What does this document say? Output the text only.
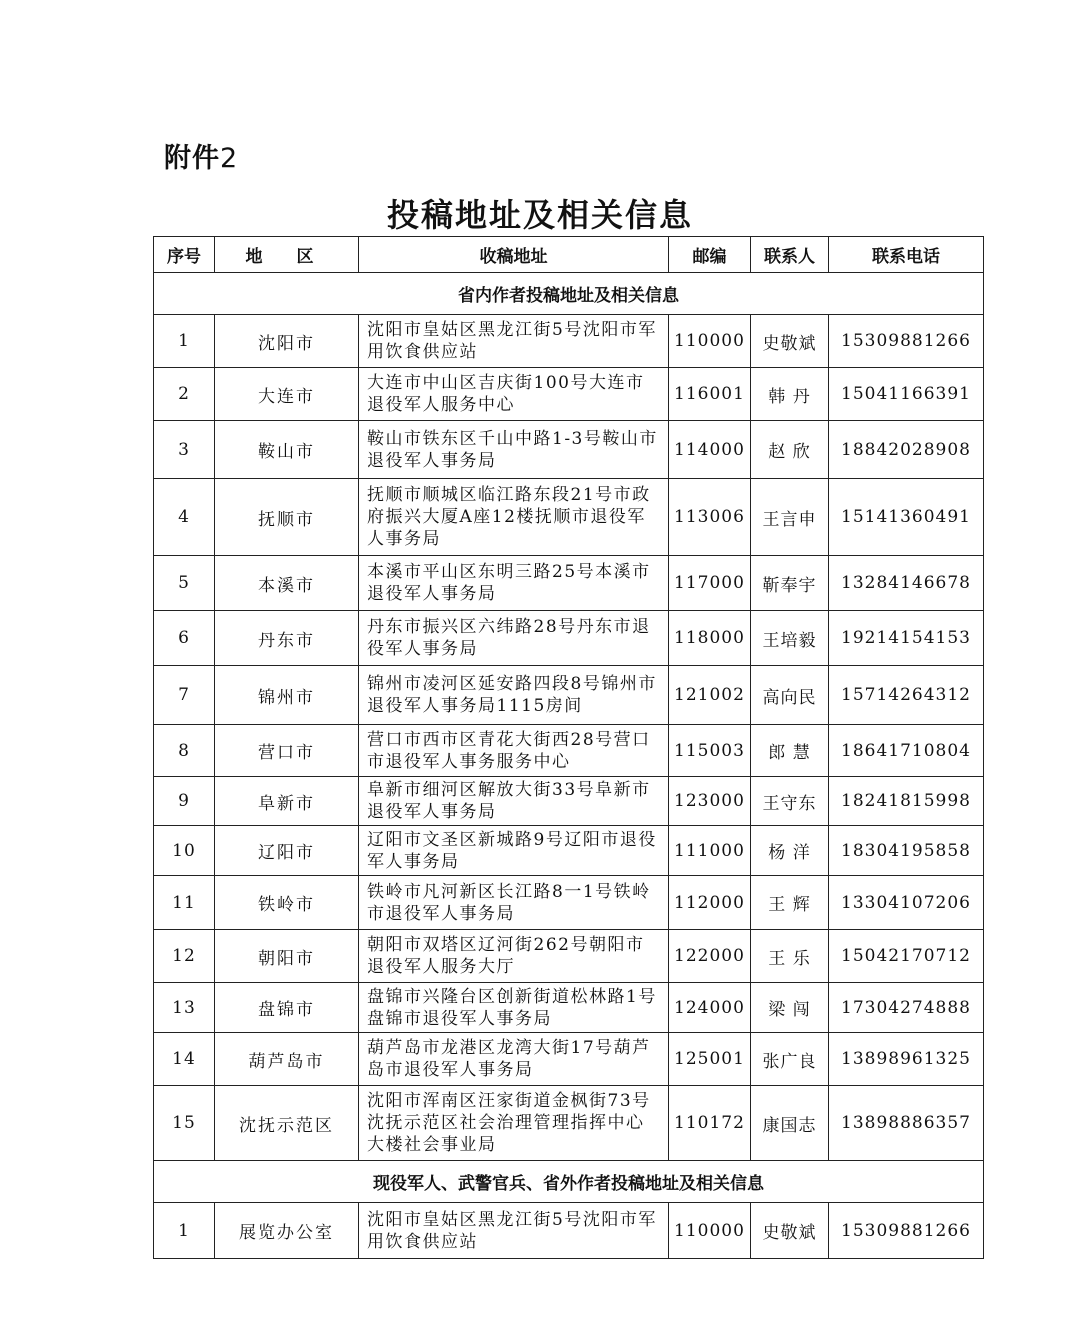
附件2
投稿地址及相关信息
序号	地 区	收稿地址	邮编	联系人	联系电话
省内作者投稿地址及相关信息					
1	沈阳市	沈阳市皇姑区黑龙江街5号沈阳市军用饮食供应站	110000	史敬斌	15309881266
2	大连市	大连市中山区吉庆街100号大连市退役军人服务中心	116001	韩 丹	15041166391
3	鞍山市	鞍山市铁东区千山中路1-3号鞍山市退役军人事务局	114000	赵 欣	18842028908
4	抚顺市	抚顺市顺城区临江路东段21号市政府振兴大厦A座12楼抚顺市退役军人事务局	113006	王言申	15141360491
5	本溪市	本溪市平山区东明三路25号本溪市退役军人事务局	117000	靳奉宇	13284146678
6	丹东市	丹东市振兴区六纬路28号丹东市退役军人事务局	118000	王培毅	19214154153
7	锦州市	锦州市凌河区延安路四段8号锦州市退役军人事务局1115房间	121002	高向民	15714264312
8	营口市	营口市西市区青花大街西28号营口市退役军人事务服务中心	115003	郎 慧	18641710804
9	阜新市	阜新市细河区解放大街33号阜新市退役军人事务局	123000	王守东	18241815998
10	辽阳市	辽阳市文圣区新城路9号辽阳市退役军人事务局	111000	杨 洋	18304195858
11	铁岭市	铁岭市凡河新区长江路8一1号铁岭市退役军人事务局	112000	王 辉	13304107206
12	朝阳市	朝阳市双塔区辽河街262号朝阳市退役军人服务大厅	122000	王 乐	15042170712
13	盘锦市	盘锦市兴隆台区创新街道松林路1号盘锦市退役军人事务局	124000	梁 闯	17304274888
14	葫芦岛市	葫芦岛市龙港区龙湾大街17号葫芦岛市退役军人事务局	125001	张广良	13898961325
15	沈抚示范区	沈阳市浑南区汪家街道金枫街73号沈抚示范区社会治理管理指挥中心大楼社会事业局	110172	康国志	13898886357
现役军人、武警官兵、省外作者投稿地址及相关信息					
1	展览办公室	沈阳市皇姑区黑龙江街5号沈阳市军用饮食供应站	110000	史敬斌	15309881266
